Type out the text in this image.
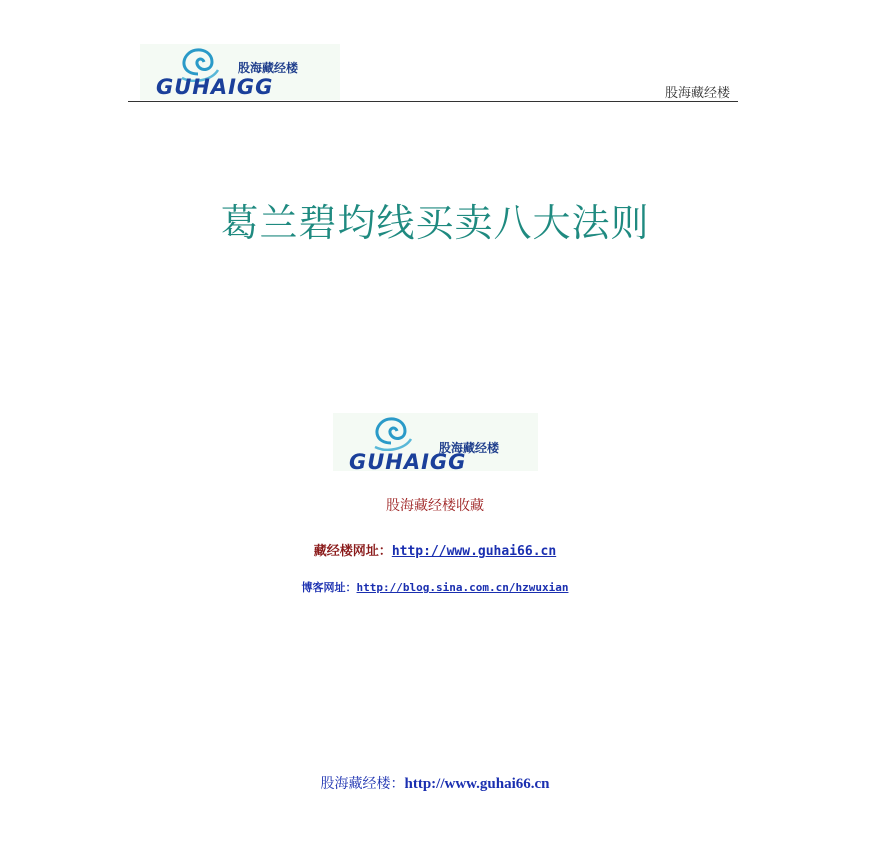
股海藏经楼
GUHAIGG	股海藏经楼
葛兰碧均线买卖八大法则
股海藏经楼
GUHAIGG
股海藏经楼收藏
藏经楼网址：http://www.guhai66.cn
博客网址：http://blog.sina.com.cn/hzwuxian
股海藏经楼：http://www.guhai66.cn
